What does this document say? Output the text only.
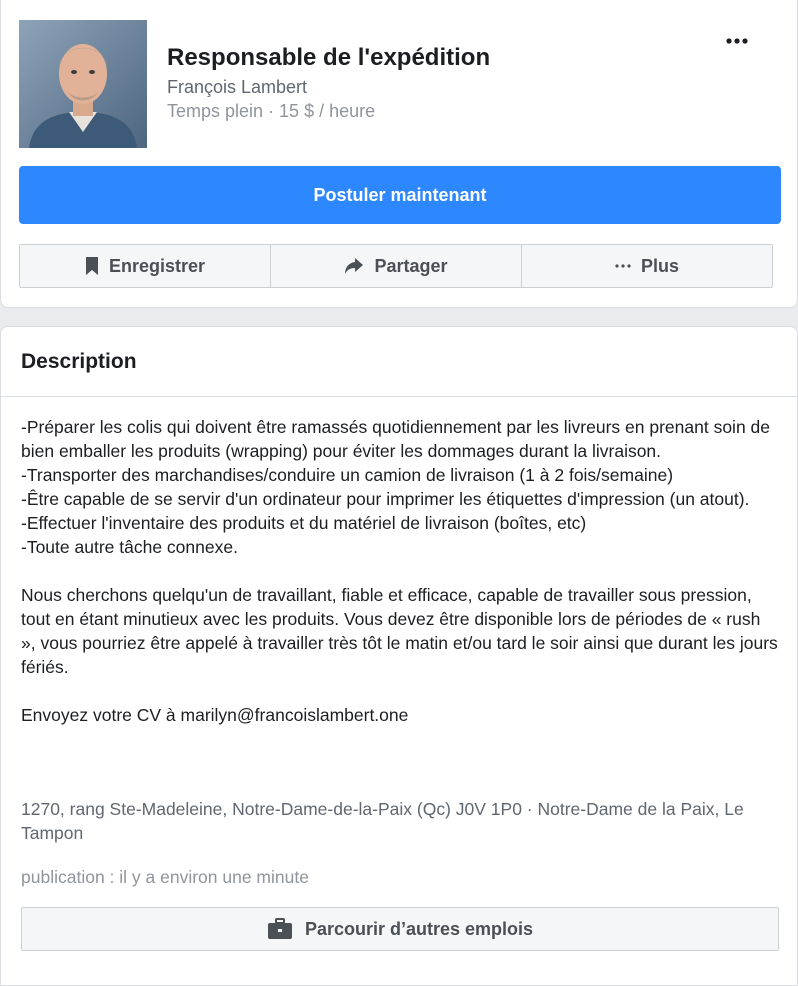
Responsable de l'expédition
François Lambert
Temps plein · 15 $ / heure
Postuler maintenant
Enregistrer	Partager	Plus
Description

-Préparer les colis qui doivent être ramassés quotidiennement par les livreurs en prenant soin de bien emballer les produits (wrapping) pour éviter les dommages durant la livraison.

-Transporter des marchandises/conduire un camion de livraison (1 à 2 fois/semaine)

-Être capable de se servir d'un ordinateur pour imprimer les étiquettes d'impression (un atout).

-Effectuer l'inventaire des produits et du matériel de livraison (boîtes, etc)

-Toute autre tâche connexe.

Nous cherchons quelqu'un de travaillant, fiable et efficace, capable de travailler sous pression, tout en étant minutieux avec les produits. Vous devez être disponible lors de périodes de « rush », vous pourriez être appelé à travailler très tôt le matin et/ou tard le soir ainsi que durant les jours fériés.

Envoyez votre CV à marilyn@francoislambert.one

1270, rang Ste-Madeleine, Notre-Dame-de-la-Paix (Qc) J0V 1P0 · Notre-Dame de la Paix, Le Tampon
publication : il y a environ une minute
Parcourir d’autres emplois
